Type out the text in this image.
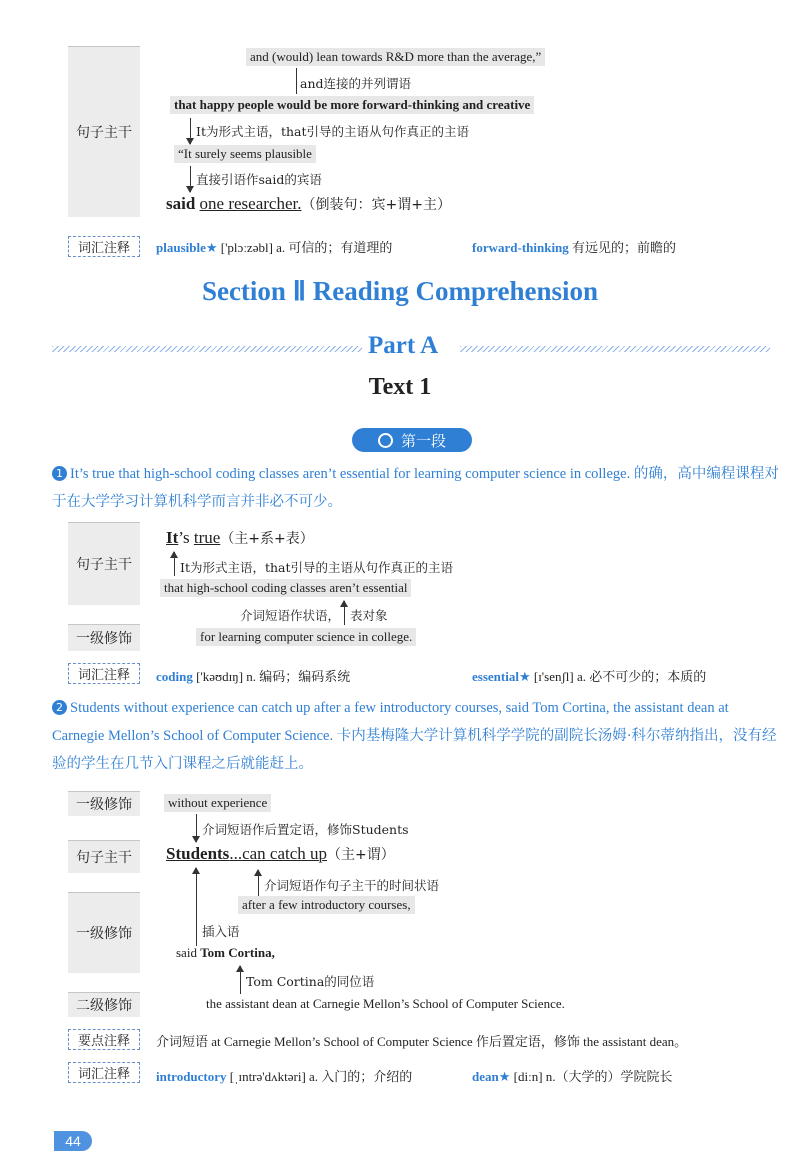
句子主干
and (would) lean towards R&D more than the average,”
and连接的并列谓语
that happy people would be more forward-thinking and creative
It为形式主语，that引导的主语从句作真正的主语
“It surely seems plausible
直接引语作said的宾语
said one researcher.（倒装句：宾+谓+主）
词汇注释 plausible★ ['plɔːzəbl] a. 可信的；有道理的	forward-thinking 有远见的；前瞻的
Section Ⅱ Reading Comprehension
Part A
Text 1
第一段
1 It’s true that high-school coding classes aren’t essential for learning computer science in college. 的确，高中编程课程对于在大学学习计算机科学而言并非必不可少。
句子主干
一级修饰
It’s true（主+系+表）
It为形式主语，that引导的主语从句作真正的主语
that high-school coding classes aren’t essential
介词短语作状语， 表对象
for learning computer science in college.
词汇注释 coding ['kəʊdɪŋ] n. 编码；编码系统	essential★ [ɪ'senʃl] a. 必不可少的；本质的
2 Students without experience can catch up after a few introductory courses, said Tom Cortina, the assistant dean at Carnegie Mellon’s School of Computer Science. 卡内基梅隆大学计算机科学学院的副院长汤姆·科尔蒂纳指出，没有经验的学生在几节入门课程之后就能赶上。
一级修饰
句子主干
一级修饰
二级修饰
without experience
介词短语作后置定语，修饰Students
Students...can catch up（主+谓）
介词短语作句子主干的时间状语
after a few introductory courses,
插入语
said Tom Cortina,
Tom Cortina的同位语
the assistant dean at Carnegie Mellon’s School of Computer Science.
要点注释 介词短语 at Carnegie Mellon’s School of Computer Science 作后置定语，修饰 the assistant dean。
词汇注释 introductory [ˌɪntrə'dʌktəri] a. 入门的；介绍的	dean★ [diːn] n.（大学的）学院院长
44
